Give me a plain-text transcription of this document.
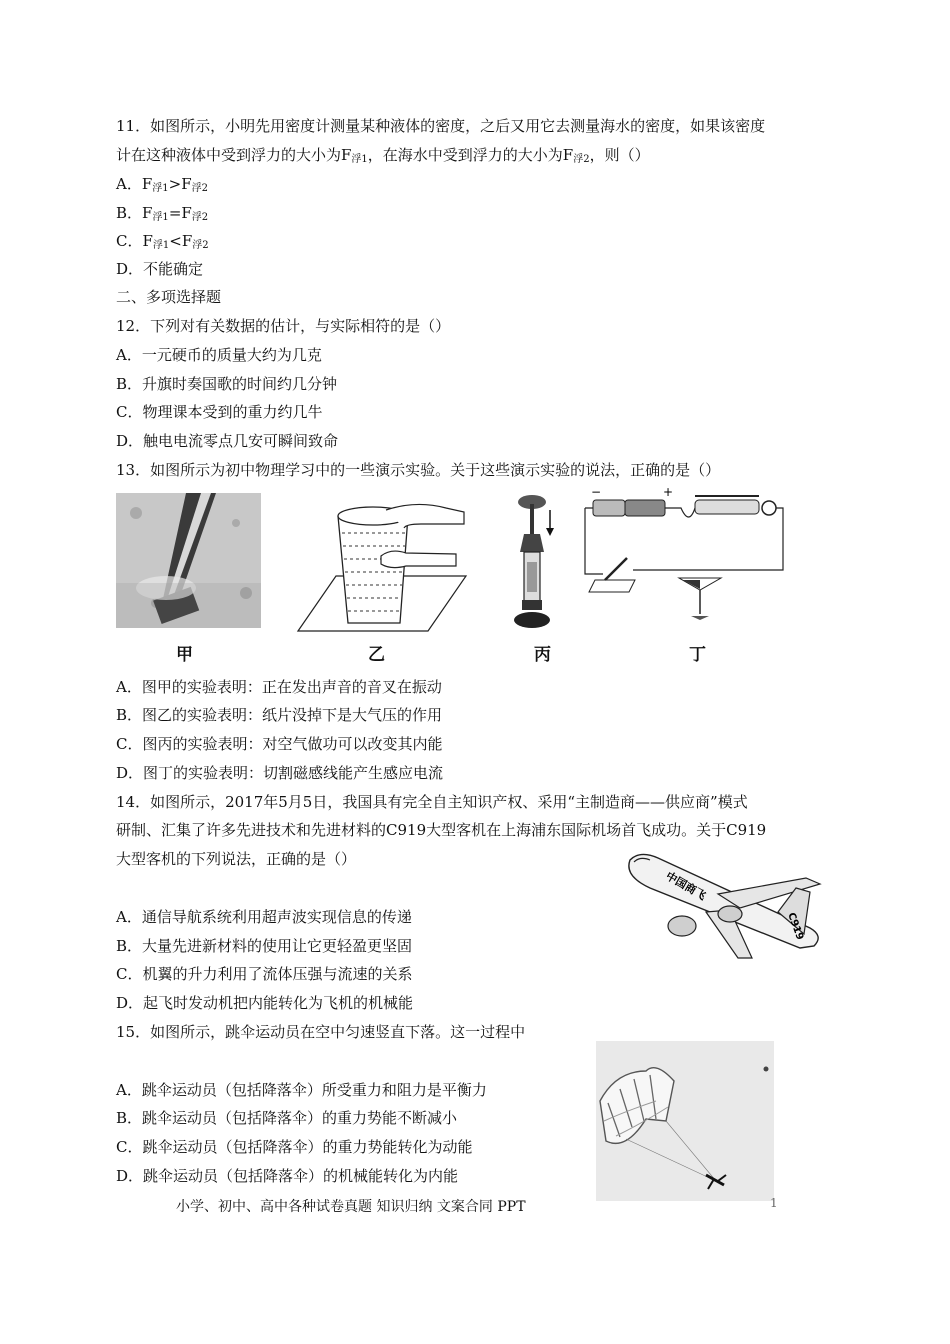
11．如图所示，小明先用密度计测量某种液体的密度，之后又用它去测量海水的密度，如果该密度
计在这种液体中受到浮力的大小为$F_{浮1}$，在海水中受到浮力的大小为$F_{浮2}$，则（）
A．$F_{浮1}>F_{浮2}$
B．$F_{浮1}=F_{浮2}$
C．$F_{浮1}<F_{浮2}$
D．不能确定
二、多项选择题
12．下列对有关数据的估计，与实际相符的是（）
A．一元硬币的质量大约为几克
B．升旗时奏国歌的时间约几分钟
C．物理课本受到的重力约几牛
D．触电电流零点几安可瞬间致命
13．如图所示为初中物理学习中的一些演示实验。关于这些演示实验的说法，正确的是（）
甲	乙	丙
−	+
丁
A．图甲的实验表明：正在发出声音的音叉在振动
B．图乙的实验表明：纸片没掉下是大气压的作用
C．图丙的实验表明：对空气做功可以改变其内能
D．图丁的实验表明：切割磁感线能产生感应电流
14．如图所示，2017年5月5日，我国具有完全自主知识产权、采用“主制造商——供应商”模式
研制、汇集了许多先进技术和先进材料的C919大型客机在上海浦东国际机场首飞成功。关于C919
大型客机的下列说法，正确的是（）
中国商飞
C919
A．通信导航系统利用超声波实现信息的传递
B．大量先进新材料的使用让它更轻盈更坚固
C．机翼的升力利用了流体压强与流速的关系
D．起飞时发动机把内能转化为飞机的机械能
15．如图所示，跳伞运动员在空中匀速竖直下落。这一过程中
A．跳伞运动员（包括降落伞）所受重力和阻力是平衡力
B．跳伞运动员（包括降落伞）的重力势能不断减小
C．跳伞运动员（包括降落伞）的重力势能转化为动能
D．跳伞运动员（包括降落伞）的机械能转化为内能
小学、初中、高中各种试卷真题 知识归纳 文案合同 PPT	1
